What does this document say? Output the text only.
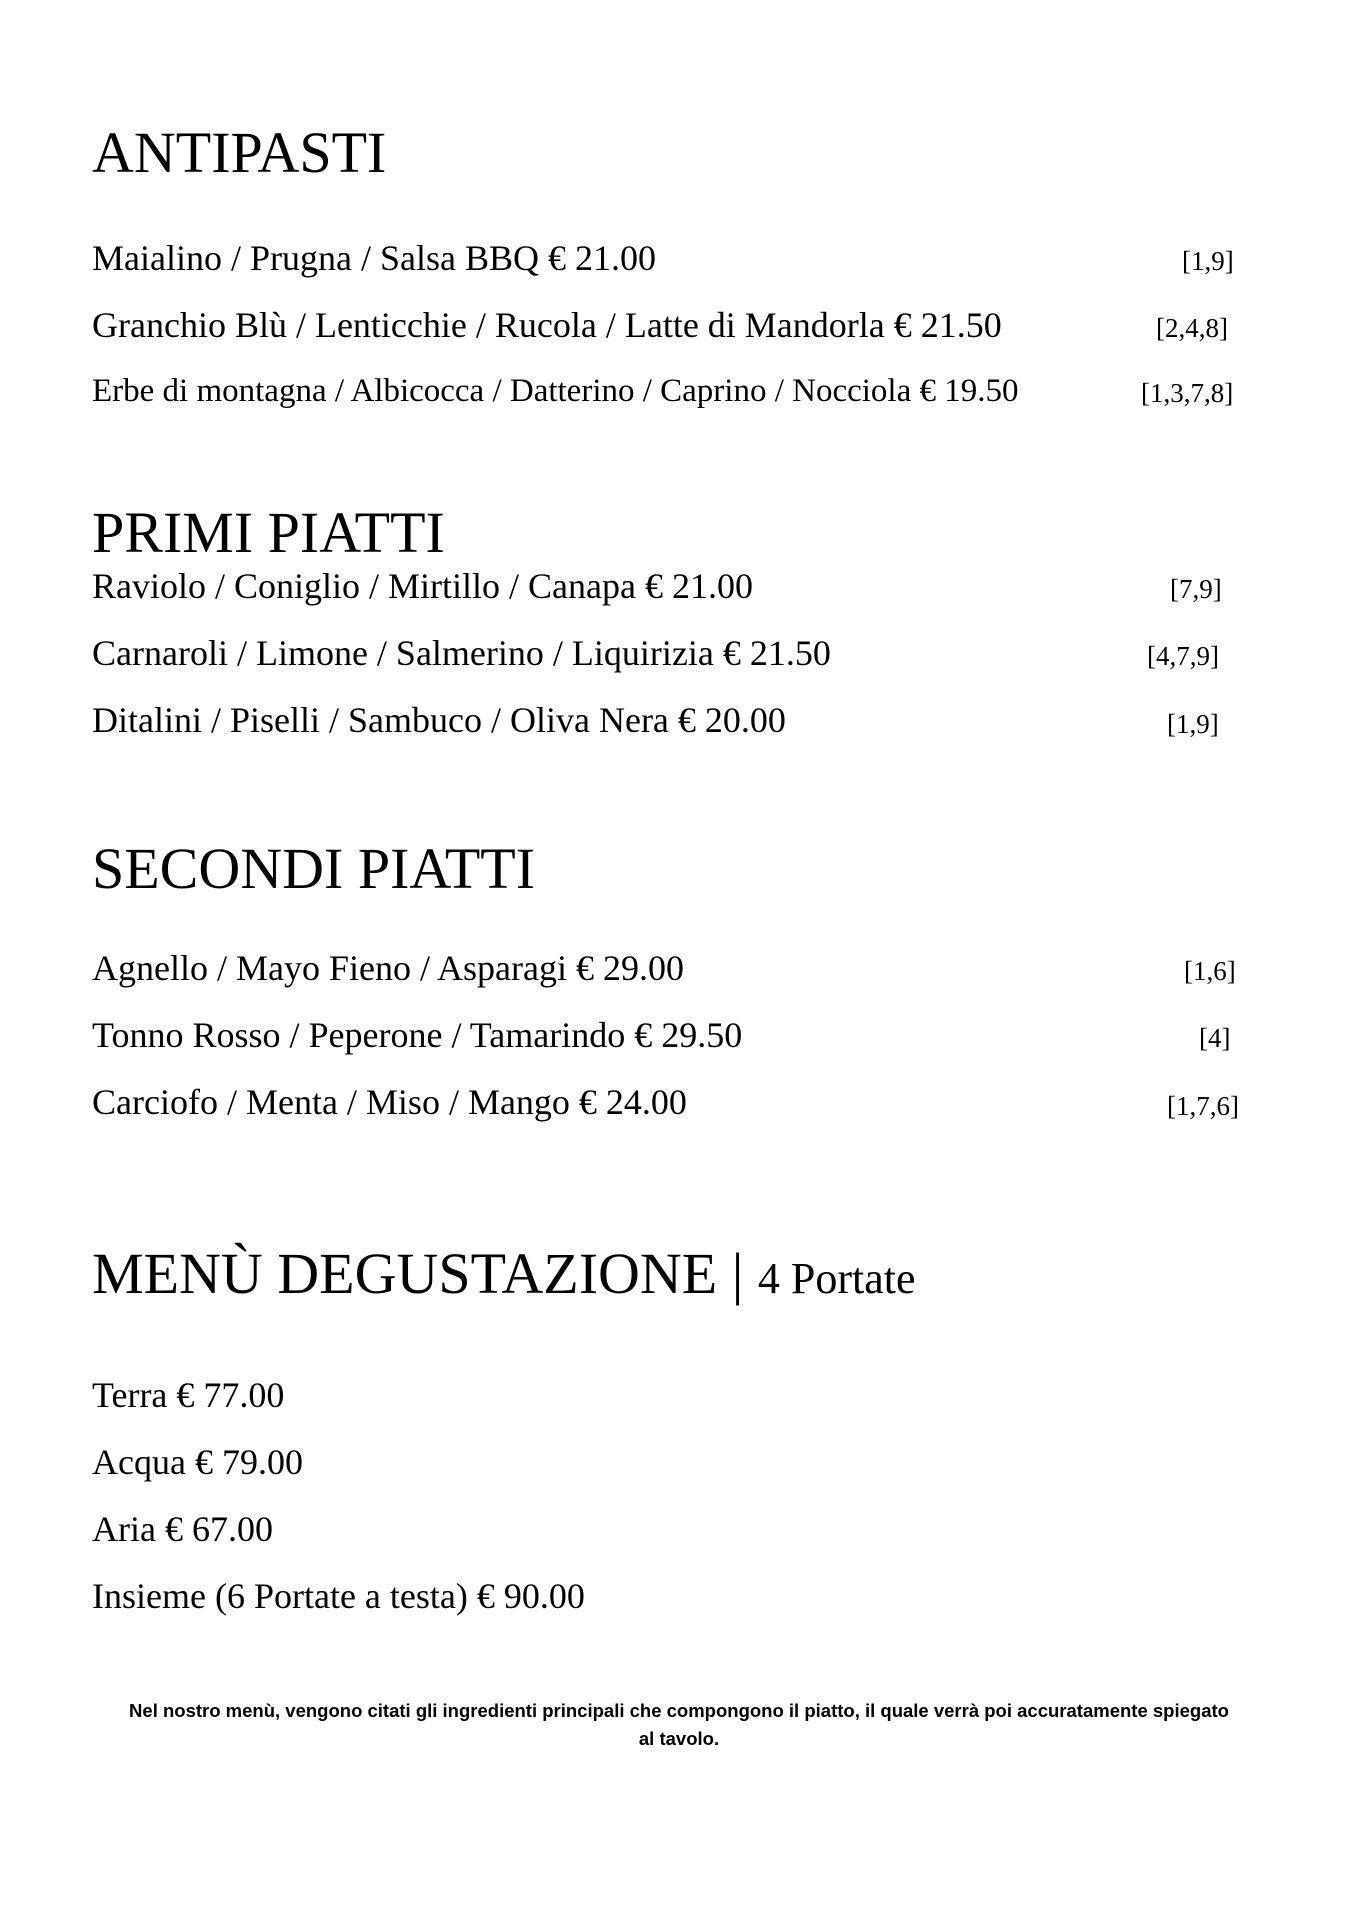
ANTIPASTI

Maialino / Prugna / Salsa BBQ € 21.00	[1,9]

Granchio Blù / Lenticchie / Rucola / Latte di Mandorla € 21.50	[2,4,8]

Erbe di montagna / Albicocca / Datterino / Caprino / Nocciola € 19.50	[1,3,7,8]

PRIMI PIATTI

Raviolo / Coniglio / Mirtillo / Canapa € 21.00	[7,9]

Carnaroli / Limone / Salmerino / Liquirizia € 21.50	[4,7,9]

Ditalini / Piselli / Sambuco / Oliva Nera € 20.00	[1,9]

SECONDI PIATTI

Agnello / Mayo Fieno / Asparagi € 29.00	[1,6]

Tonno Rosso / Peperone / Tamarindo € 29.50	[4]

Carciofo / Menta / Miso / Mango € 24.00	[1,7,6]

MENÙ DEGUSTAZIONE | 4 Portate

Terra € 77.00

Acqua € 79.00

Aria € 67.00

Insieme (6 Portate a testa) € 90.00

Nel nostro menù, vengono citati gli ingredienti principali che compongono il piatto, il quale verrà poi accuratamente spiegato al tavolo.
